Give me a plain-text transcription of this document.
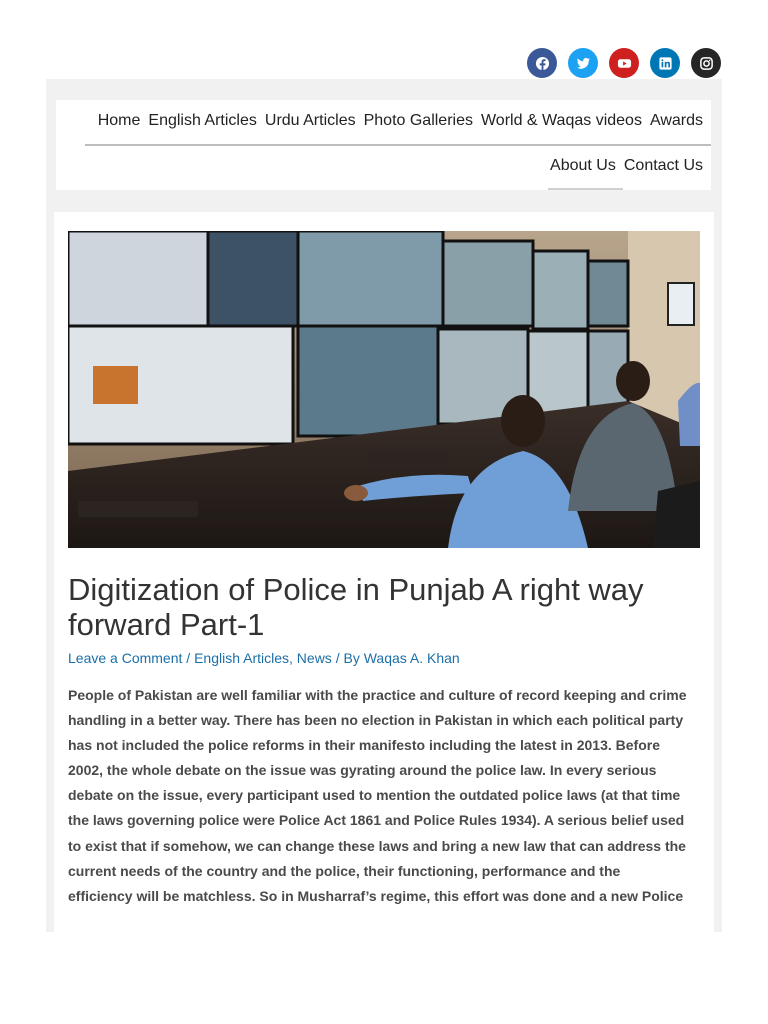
Home English Articles Urdu Articles Photo Galleries World & Waqas videos Awards
About Us Contact Us
Digitization of Police in Punjab A right way forward Part-1
Leave a Comment / English Articles, News / By Waqas A. Khan
People of Pakistan are well familiar with the practice and culture of record keeping and crime
handling in a better way. There has been no election in Pakistan in which each political party
has not included the police reforms in their manifesto including the latest in 2013. Before
2002, the whole debate on the issue was gyrating around the police law. In every serious
debate on the issue, every participant used to mention the outdated police laws (at that time
the laws governing police were Police Act 1861 and Police Rules 1934). A serious belief used
to exist that if somehow, we can change these laws and bring a new law that can address the
current needs of the country and the police, their functioning, performance and the
efficiency will be matchless. So in Musharraf’s regime, this effort was done and a new Police
